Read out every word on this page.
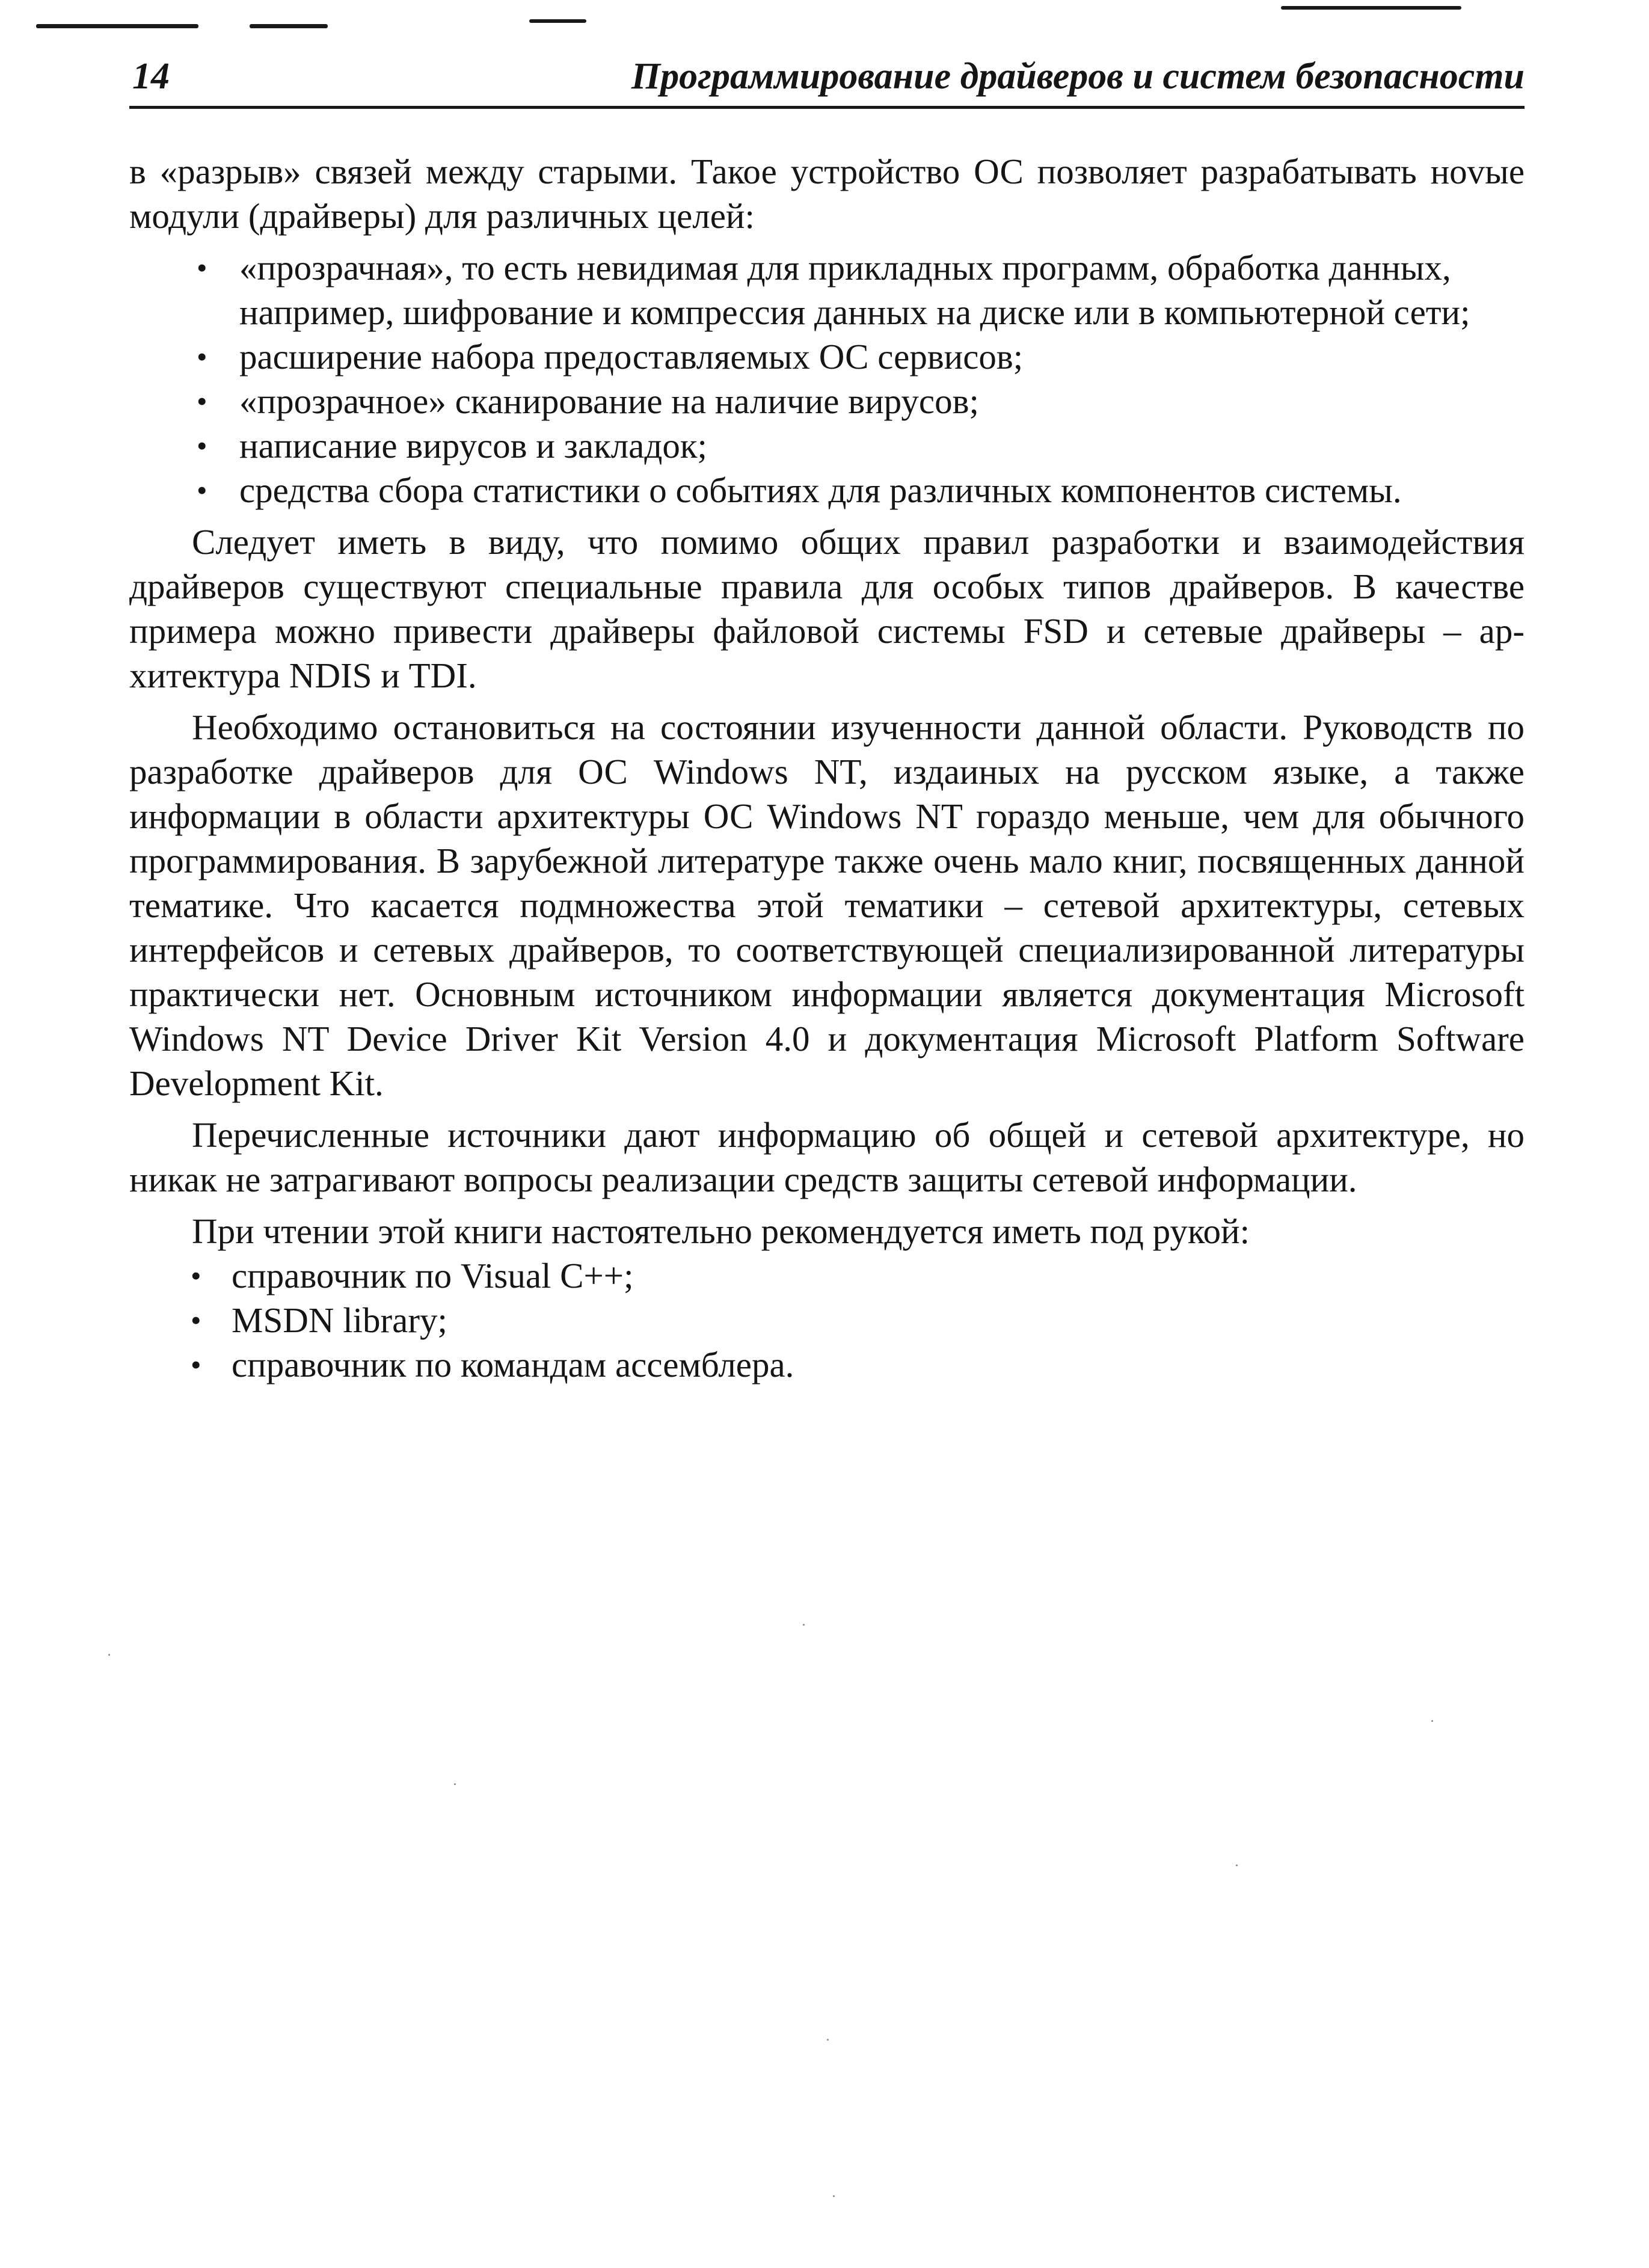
14	Программирование драйверов и систем безопасности

в «разрыв» связей между старыми. Такое устройство ОС позволяет разрабатывать ноvые модули (драйверы) для различных целей:

• «прозрачная», то есть невидимая для прикладных программ, обработка данных, например, шифрование и компрессия данных на диске или в компьютерной сети;
• расширение набора предоставляемых ОС сервисов;
• «прозрачное» сканирование на наличие вирусов;
• написание вирусов и закладок;
• средства сбора статистики о событиях для различных компонентов системы.

Следует иметь в виду, что помимо общих правил разработки и взаимодействия драйверов существуют специальные правила для особых типов драйверов. В качестве примера можно привести драйверы файловой системы FSD и сетевые драйверы – архитектура NDIS и TDI.

Необходимо остановиться на состоянии изученности данной области. Руководств по разработке драйверов для ОС Windows NT, издаиных на русском языке, а также информации в области архитектуры ОС Windows NT гораздо меньше, чем для обычного программирования. В зарубежной литературе также очень мало книг, посвященных данной тематике. Что касается подмножества этой тематики – сетевой архитектуры, сетевых интерфейсов и сетевых драйверов, то соответствующей специализированной литературы практически нет. Основным источником информации является документация Microsoft Windows NT Device Driver Kit Version 4.0 и документация Microsoft Platform Software Development Kit.

Перечисленные источники дают информацию об общей и сетевой архитектуре, но никак не затрагивают вопросы реализации средств защиты сетевой информации.

При чтении этой книги настоятельно рекомендуется иметь под рукой:

• справочник по Visual C++;
• MSDN library;
• справочник по командам ассемблера.
